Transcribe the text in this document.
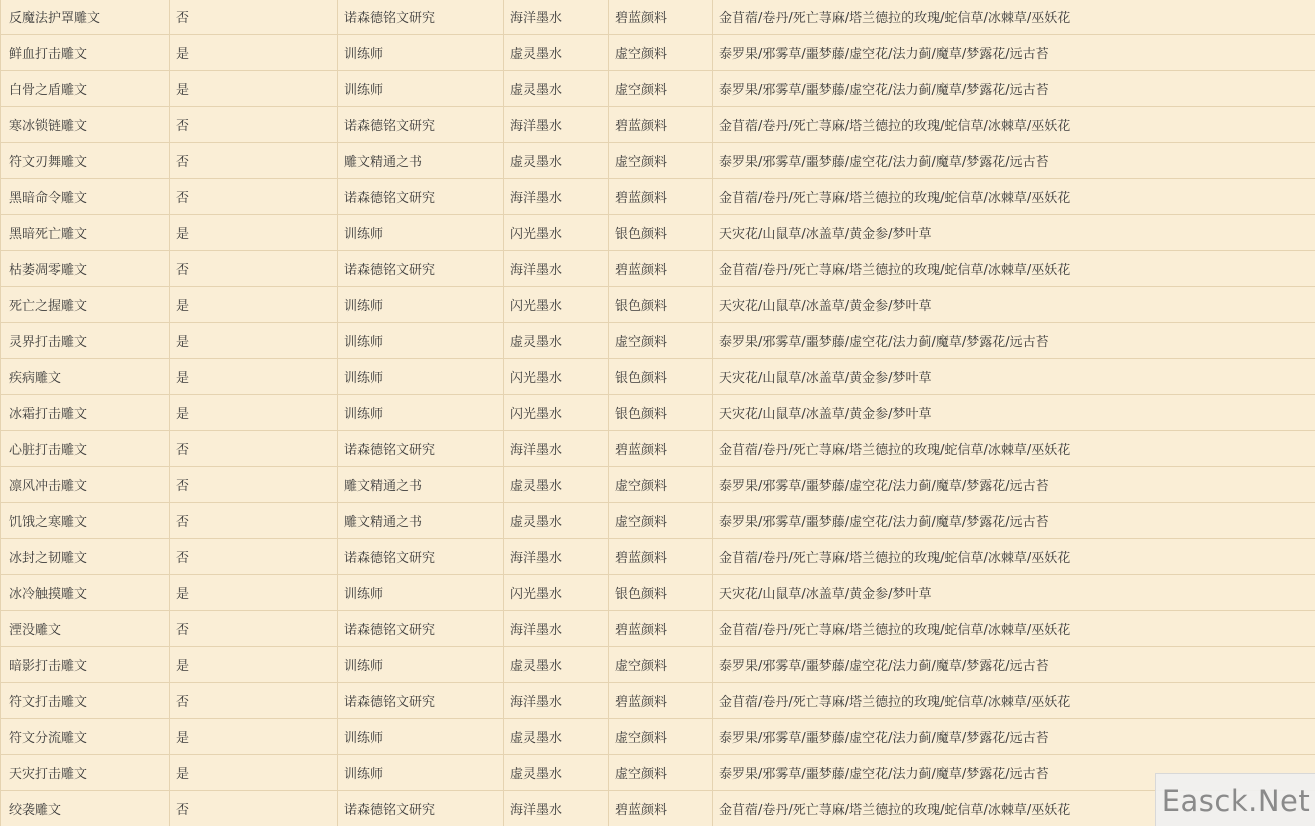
反魔法护罩雕文	否	诺森德铭文研究	海洋墨水	碧蓝颜料	金苜蓿/卷丹/死亡荨麻/塔兰德拉的玫瑰/蛇信草/冰棘草/巫妖花
鲜血打击雕文	是	训练师	虚灵墨水	虚空颜料	泰罗果/邪雾草/噩梦藤/虚空花/法力蓟/魔草/梦露花/远古苔
白骨之盾雕文	是	训练师	虚灵墨水	虚空颜料	泰罗果/邪雾草/噩梦藤/虚空花/法力蓟/魔草/梦露花/远古苔
寒冰锁链雕文	否	诺森德铭文研究	海洋墨水	碧蓝颜料	金苜蓿/卷丹/死亡荨麻/塔兰德拉的玫瑰/蛇信草/冰棘草/巫妖花
符文刃舞雕文	否	雕文精通之书	虚灵墨水	虚空颜料	泰罗果/邪雾草/噩梦藤/虚空花/法力蓟/魔草/梦露花/远古苔
黑暗命令雕文	否	诺森德铭文研究	海洋墨水	碧蓝颜料	金苜蓿/卷丹/死亡荨麻/塔兰德拉的玫瑰/蛇信草/冰棘草/巫妖花
黑暗死亡雕文	是	训练师	闪光墨水	银色颜料	天灾花/山鼠草/冰盖草/黄金参/梦叶草
枯萎凋零雕文	否	诺森德铭文研究	海洋墨水	碧蓝颜料	金苜蓿/卷丹/死亡荨麻/塔兰德拉的玫瑰/蛇信草/冰棘草/巫妖花
死亡之握雕文	是	训练师	闪光墨水	银色颜料	天灾花/山鼠草/冰盖草/黄金参/梦叶草
灵界打击雕文	是	训练师	虚灵墨水	虚空颜料	泰罗果/邪雾草/噩梦藤/虚空花/法力蓟/魔草/梦露花/远古苔
疾病雕文	是	训练师	闪光墨水	银色颜料	天灾花/山鼠草/冰盖草/黄金参/梦叶草
冰霜打击雕文	是	训练师	闪光墨水	银色颜料	天灾花/山鼠草/冰盖草/黄金参/梦叶草
心脏打击雕文	否	诺森德铭文研究	海洋墨水	碧蓝颜料	金苜蓿/卷丹/死亡荨麻/塔兰德拉的玫瑰/蛇信草/冰棘草/巫妖花
凛风冲击雕文	否	雕文精通之书	虚灵墨水	虚空颜料	泰罗果/邪雾草/噩梦藤/虚空花/法力蓟/魔草/梦露花/远古苔
饥饿之寒雕文	否	雕文精通之书	虚灵墨水	虚空颜料	泰罗果/邪雾草/噩梦藤/虚空花/法力蓟/魔草/梦露花/远古苔
冰封之韧雕文	否	诺森德铭文研究	海洋墨水	碧蓝颜料	金苜蓿/卷丹/死亡荨麻/塔兰德拉的玫瑰/蛇信草/冰棘草/巫妖花
冰冷触摸雕文	是	训练师	闪光墨水	银色颜料	天灾花/山鼠草/冰盖草/黄金参/梦叶草
湮没雕文	否	诺森德铭文研究	海洋墨水	碧蓝颜料	金苜蓿/卷丹/死亡荨麻/塔兰德拉的玫瑰/蛇信草/冰棘草/巫妖花
暗影打击雕文	是	训练师	虚灵墨水	虚空颜料	泰罗果/邪雾草/噩梦藤/虚空花/法力蓟/魔草/梦露花/远古苔
符文打击雕文	否	诺森德铭文研究	海洋墨水	碧蓝颜料	金苜蓿/卷丹/死亡荨麻/塔兰德拉的玫瑰/蛇信草/冰棘草/巫妖花
符文分流雕文	是	训练师	虚灵墨水	虚空颜料	泰罗果/邪雾草/噩梦藤/虚空花/法力蓟/魔草/梦露花/远古苔
天灾打击雕文	是	训练师	虚灵墨水	虚空颜料	泰罗果/邪雾草/噩梦藤/虚空花/法力蓟/魔草/梦露花/远古苔
绞袭雕文	否	诺森德铭文研究	海洋墨水	碧蓝颜料	金苜蓿/卷丹/死亡荨麻/塔兰德拉的玫瑰/蛇信草/冰棘草/巫妖花	Easck.Net
